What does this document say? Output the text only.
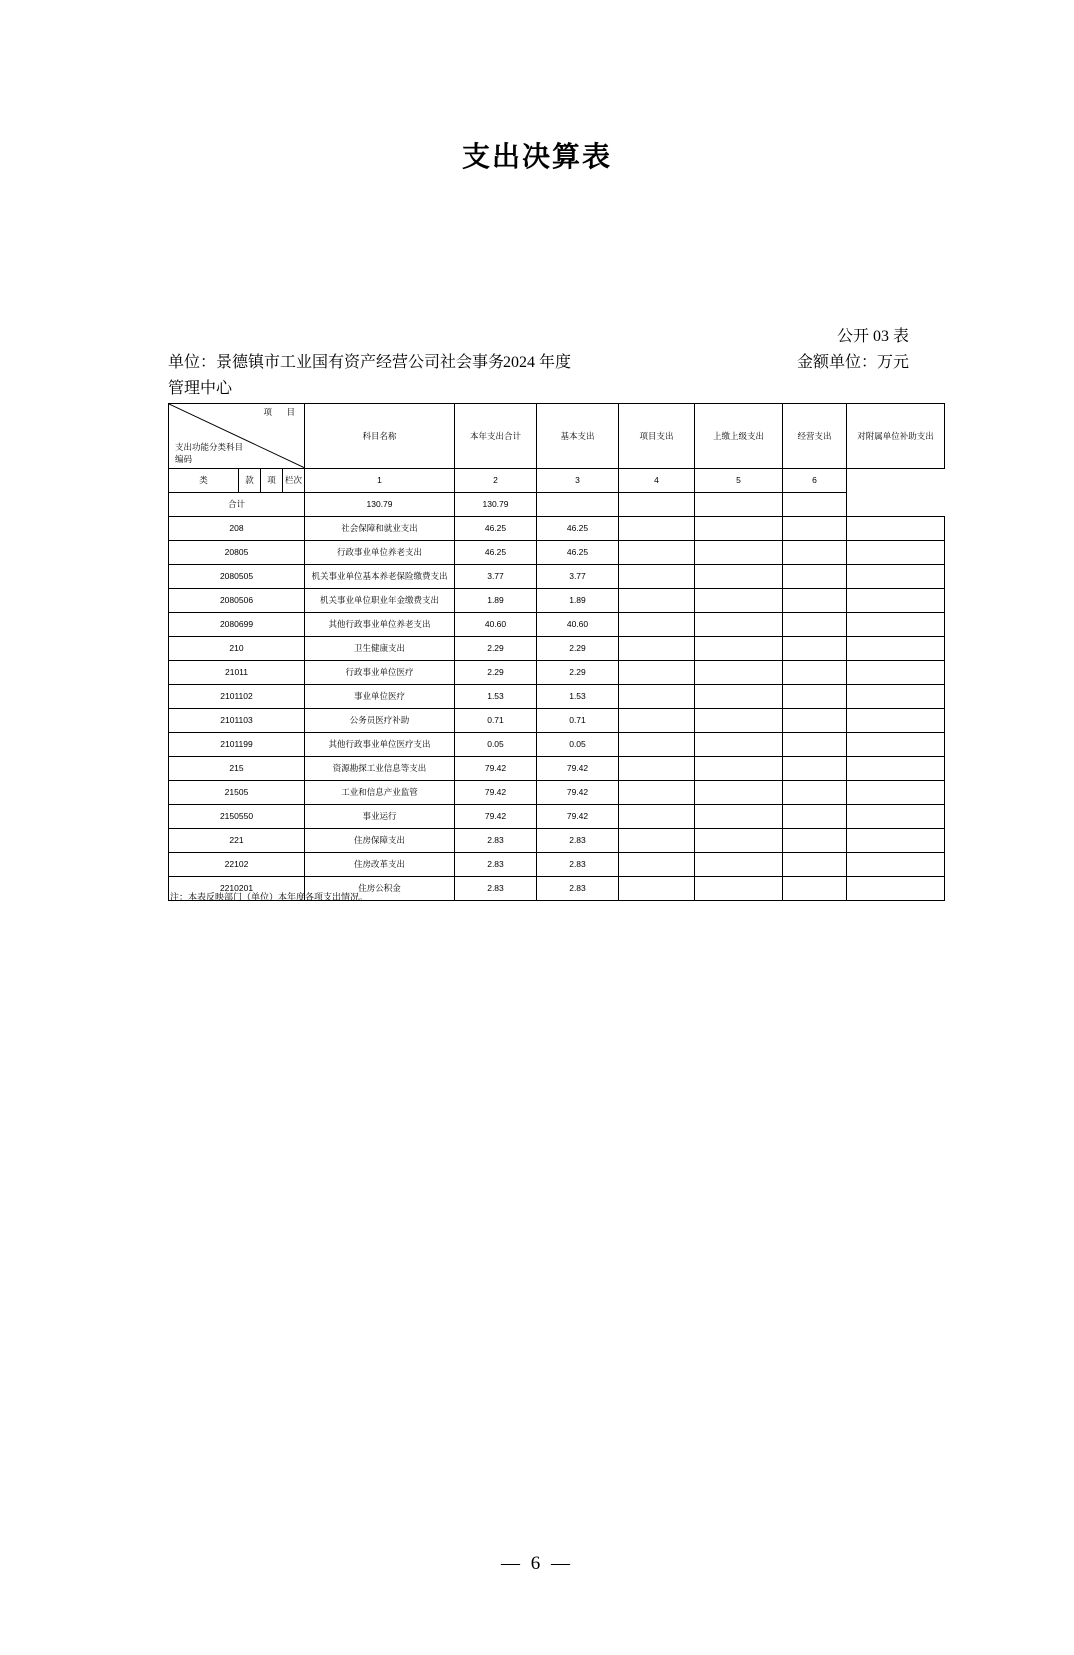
支出决算表
公开 03 表
单位：景德镇市工业国有资产经营公司社会事务管理中心
2024 年度	金额单位：万元
项　目
支出功能分类科目编码				科目名称	本年支出合计	基本支出	项目支出	上缴上级支出	经营支出	对附属单位补助支出

类	款	项	栏次	1	2	3	4	5	6
合计				130.79	130.79				
208				社会保障和就业支出	46.25	46.25				
20805				行政事业单位养老支出	46.25	46.25				
2080505				机关事业单位基本养老保险缴费支出	3.77	3.77				
2080506				机关事业单位职业年金缴费支出	1.89	1.89				
2080699				其他行政事业单位养老支出	40.60	40.60				
210				卫生健康支出	2.29	2.29				
21011				行政事业单位医疗	2.29	2.29				
2101102				事业单位医疗	1.53	1.53				
2101103				公务员医疗补助	0.71	0.71				
2101199				其他行政事业单位医疗支出	0.05	0.05				
215				资源勘探工业信息等支出	79.42	79.42				
21505				工业和信息产业监管	79.42	79.42				
2150550				事业运行	79.42	79.42				
221				住房保障支出	2.83	2.83				
22102				住房改革支出	2.83	2.83				
2210201				住房公积金	2.83	2.83				
注：本表反映部门（单位）本年度各项支出情况。
— 6 —
